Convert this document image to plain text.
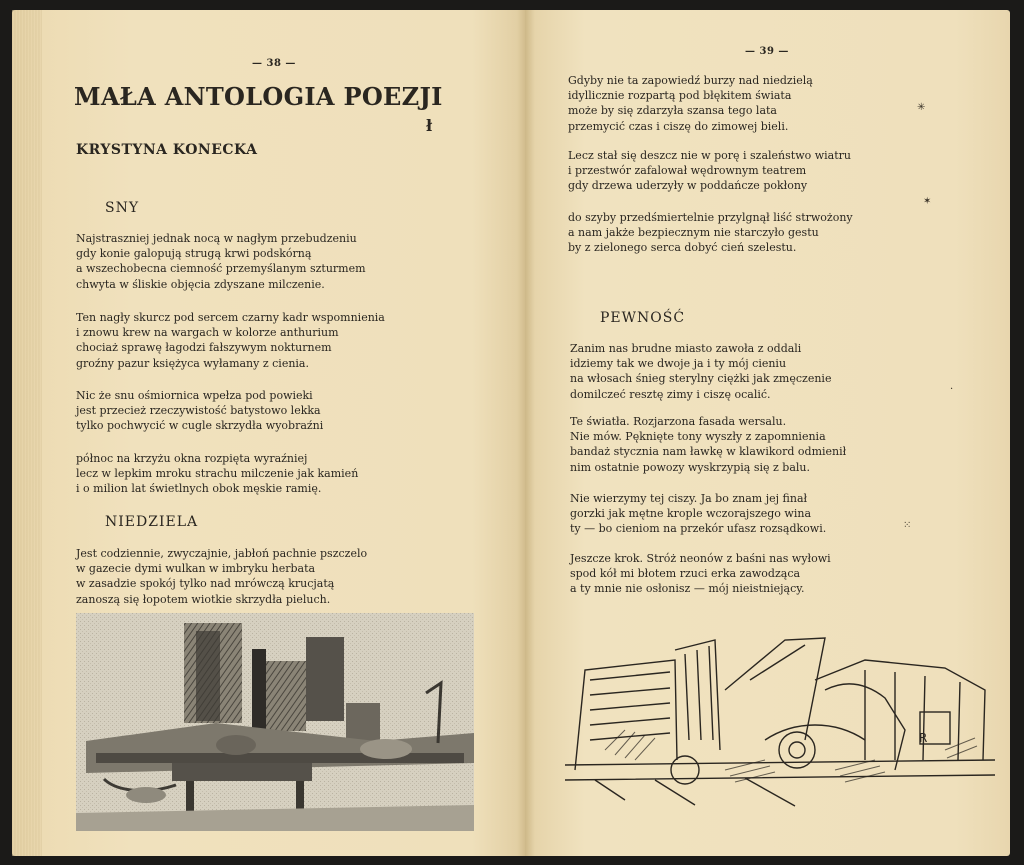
— 38 —
MAŁA ANTOLOGIA POEZJI
ł
KRYSTYNA KONECKA
SNY
Najstraszniej jednak nocą w nagłym przebudzeniu
gdy konie galopują strugą krwi podskórną
a wszechobecna ciemność przemyślanym szturmem
chwyta w śliskie objęcia zdyszane milczenie.
Ten nagły skurcz pod sercem czarny kadr wspomnienia
i znowu krew na wargach w kolorze anthurium
chociaż sprawę łagodzi fałszywym nokturnem
groźny pazur księżyca wyłamany z cienia.
Nic że snu ośmiornica wpełza pod powieki
jest przecież rzeczywistość batystowo lekka
tylko pochwycić w cugle skrzydła wyobraźni
północ na krzyżu okna rozpięta wyraźniej
lecz w lepkim mroku strachu milczenie jak kamień
i o milion lat świetlnych obok męskie ramię.
NIEDZIELA
Jest codziennie, zwyczajnie, jabłoń pachnie pszczelo
w gazecie dymi wulkan w imbryku herbata
w zasadzie spokój tylko nad mrówczą krucjatą
zanoszą się łopotem wiotkie skrzydła pieluch.
— 39 —
Gdyby nie ta zapowiedź burzy nad niedzielą
idyllicznie rozpartą pod błękitem świata
może by się zdarzyła szansa tego lata
przemycić czas i ciszę do zimowej bieli.
Lecz stał się deszcz nie w porę i szaleństwo wiatru
i przestwór zafalował wędrownym teatrem
gdy drzewa uderzyły w poddańcze pokłony
do szyby przedśmiertelnie przylgnął liść strwożony
a nam jakże bezpiecznym nie starczyło gestu
by z zielonego serca dobyć cień szelestu.
PEWNOŚĆ
Zanim nas brudne miasto zawoła z oddali
idziemy tak we dwoje ja i ty mój cieniu
na włosach śnieg sterylny ciężki jak zmęczenie
domilczeć resztę zimy i ciszę ocalić.
Te światła. Rozjarzona fasada wersalu.
Nie mów. Pęknięte tony wyszły z zapomnienia
bandaż stycznia nam ławkę w klawikord odmienił
nim ostatnie powozy wyskrzypią się z balu.
Nie wierzymy tej ciszy. Ja bo znam jej finał
gorzki jak mętne krople wczorajszego wina
ty — bo cieniom na przekór ufasz rozsądkowi.
Jeszcze krok. Stróż neonów z baśni nas wyłowi
spod kół mi błotem rzuci erka zawodząca
a ty mnie nie osłonisz — mój nieistniejący.
✳
✶
·
⁙
R
